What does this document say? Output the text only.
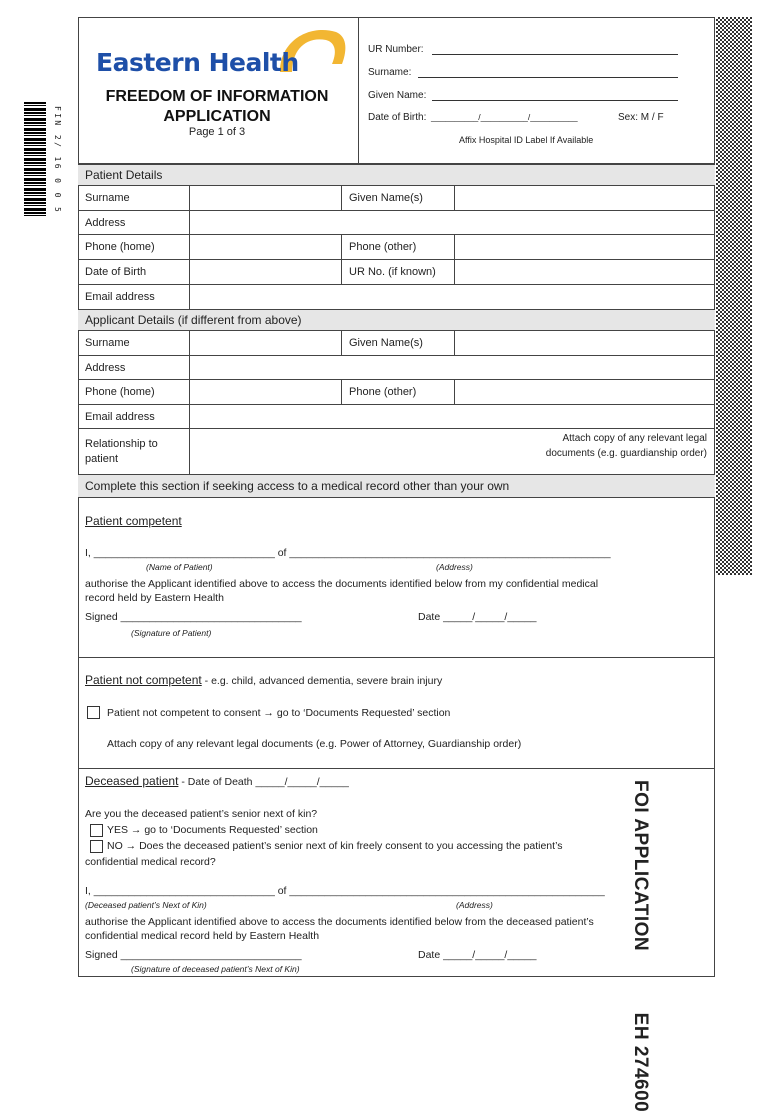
FIN 2/ 16 0 0 5
FOI APPLICATION  EH 274600
Eastern Health
FREEDOM OF INFORMATION
APPLICATION
Page 1 of 3
UR Number:
Surname:
Given Name:
Date of Birth: __________/__________/__________	Sex: M / F
Affix Hospital ID Label If Available
Patient Details
Surname	Given Name(s)
Address
Phone (home)	Phone (other)
Date of Birth	UR No. (if known)
Email address
Applicant Details (if different from above)
Surname	Given Name(s)
Address
Phone (home)	Phone (other)
Email address
Relationship to
patient
Attach copy of any relevant legal
documents (e.g. guardianship order)
Complete this section if seeking access to a medical record other than your own
Patient competent
I, _______________________________ of _______________________________________________________
(Name of Patient)	(Address)
authorise the Applicant identified above to access the documents identified below from my confidential medical
record held by Eastern Health
Signed _______________________________	Date _____/_____/_____
(Signature of Patient)
Patient not competent - e.g. child, advanced dementia, severe brain injury
Patient not competent to consent → go to ‘Documents Requested’ section
Attach copy of any relevant legal documents (e.g. Power of Attorney, Guardianship order)
Deceased patient - Date of Death _____/_____/_____
Are you the deceased patient’s senior next of kin?
YES → go to ‘Documents Requested’ section
NO → Does the deceased patient’s senior next of kin freely consent to you accessing the patient’s
confidential medical record?
I, _______________________________ of ______________________________________________________
(Deceased patient’s Next of Kin)	(Address)
authorise the Applicant identified above to access the documents identified below from the deceased patient’s
confidential medical record held by Eastern Health
Signed _______________________________	Date _____/_____/_____
(Signature of deceased patient’s Next of Kin)
